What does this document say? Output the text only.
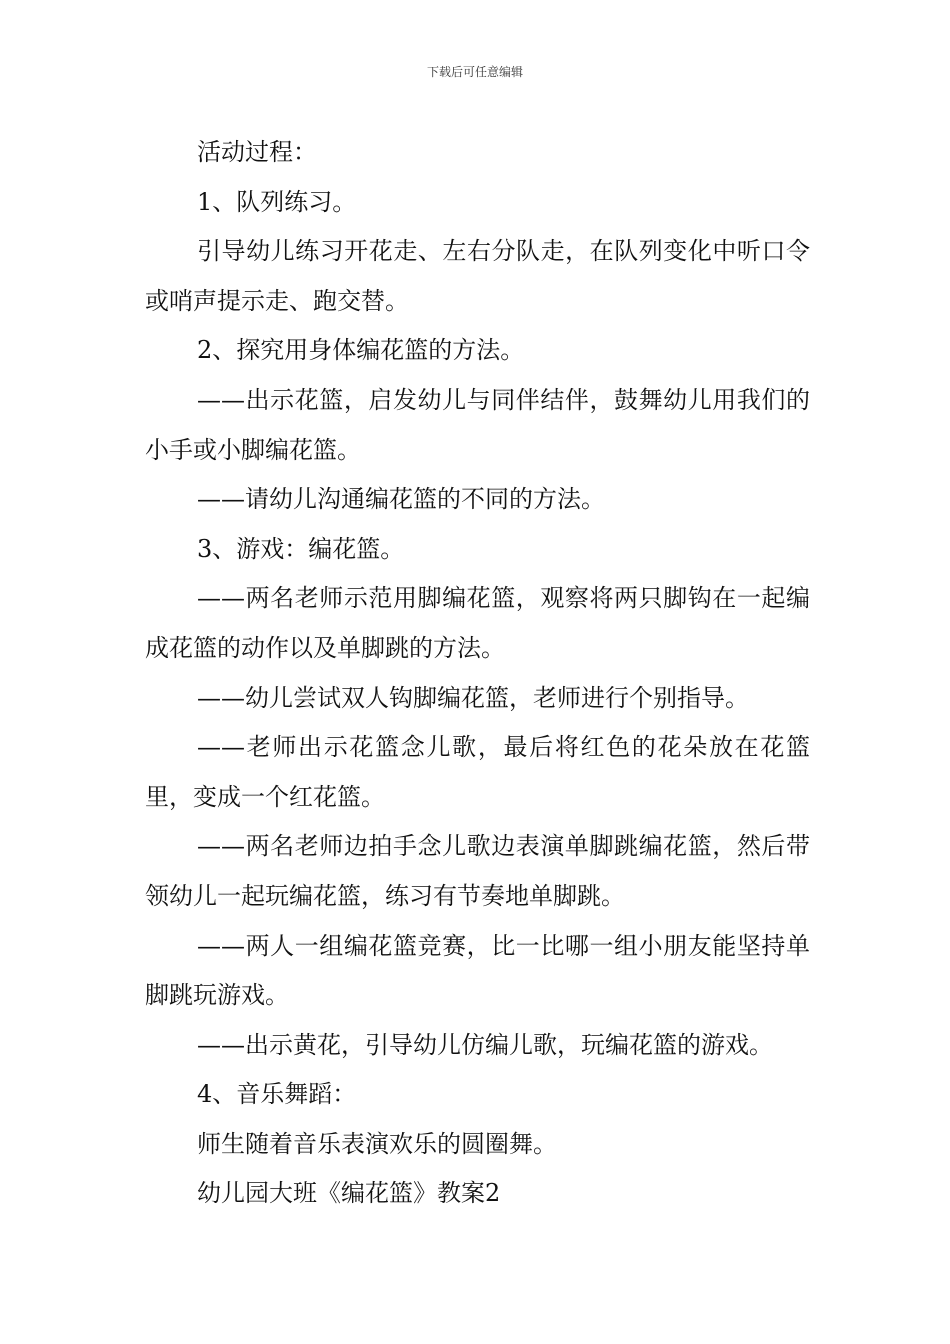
下载后可任意编辑

活动过程：

1、队列练习。

引导幼儿练习开花走、左右分队走，在队列变化中听口令或哨声提示走、跑交替。

2、探究用身体编花篮的方法。

——出示花篮，启发幼儿与同伴结伴，鼓舞幼儿用我们的小手或小脚编花篮。

——请幼儿沟通编花篮的不同的方法。

3、游戏：编花篮。

——两名老师示范用脚编花篮，观察将两只脚钩在一起编成花篮的动作以及单脚跳的方法。

——幼儿尝试双人钩脚编花篮，老师进行个别指导。

——老师出示花篮念儿歌，最后将红色的花朵放在花篮里，变成一个红花篮。

——两名老师边拍手念儿歌边表演单脚跳编花篮，然后带领幼儿一起玩编花篮，练习有节奏地单脚跳。

——两人一组编花篮竞赛，比一比哪一组小朋友能坚持单脚跳玩游戏。

——出示黄花，引导幼儿仿编儿歌，玩编花篮的游戏。

4、音乐舞蹈：

师生随着音乐表演欢乐的圆圈舞。

幼儿园大班《编花篮》教案2
